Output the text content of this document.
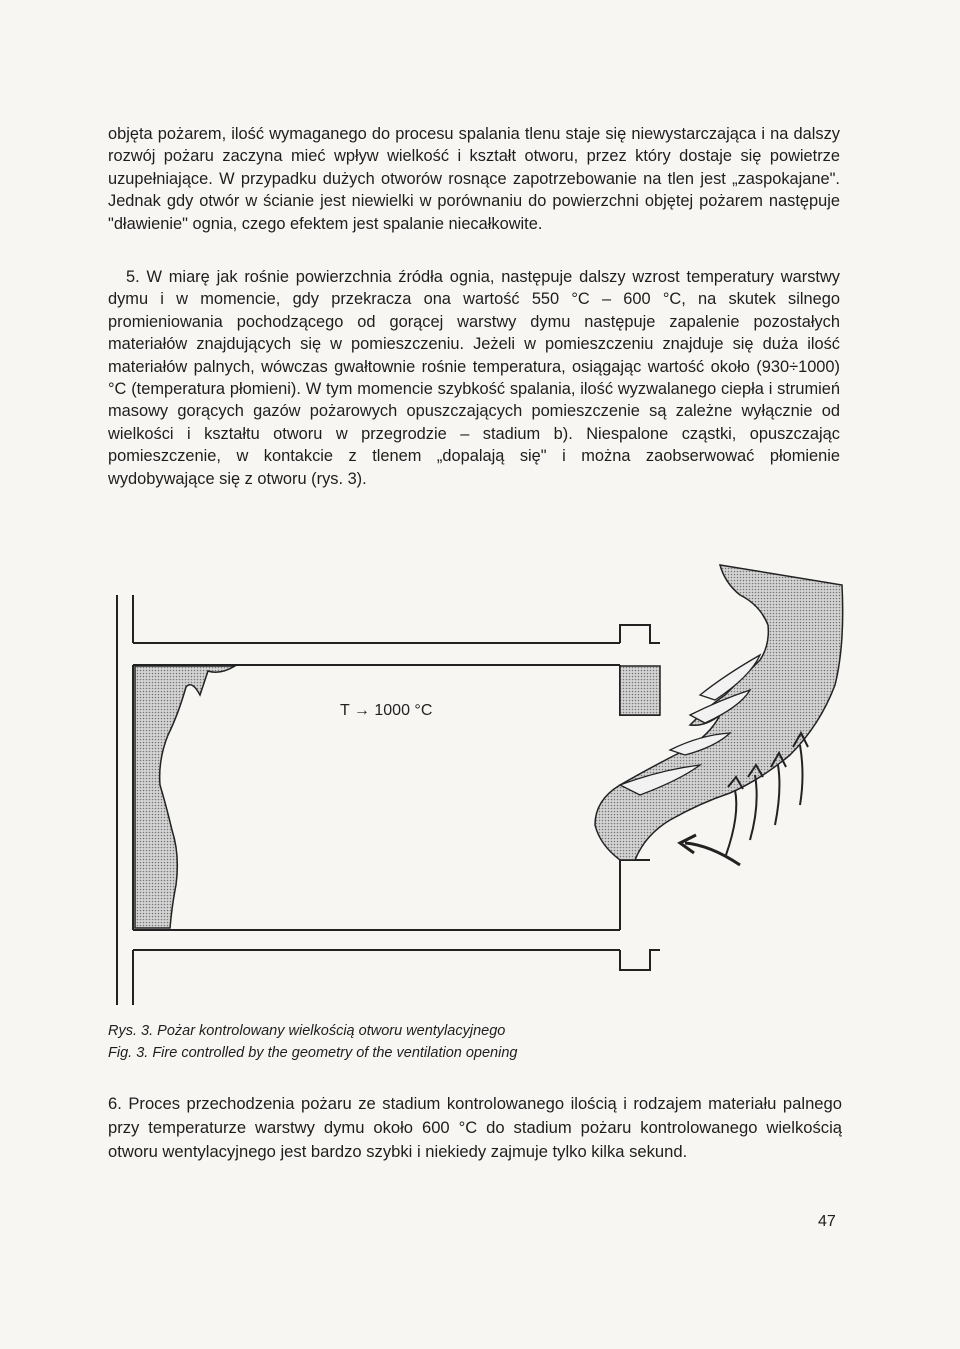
objęta pożarem, ilość wymaganego do procesu spalania tlenu staje się niewystarczająca i na dalszy rozwój pożaru zaczyna mieć wpływ wielkość i kształt otworu, przez który dostaje się powietrze uzupełniające. W przypadku dużych otworów rosnące zapotrzebowanie na tlen jest „zaspokajane". Jednak gdy otwór w ścianie jest niewielki w porównaniu do powierzchni objętej pożarem następuje "dławienie" ognia, czego efektem jest spalanie niecałkowite.

5. W miarę jak rośnie powierzchnia źródła ognia, następuje dalszy wzrost temperatury warstwy dymu i w momencie, gdy przekracza ona wartość 550 °C – 600 °C, na skutek silnego promieniowania pochodzącego od gorącej warstwy dymu następuje zapalenie pozostałych materiałów znajdujących się w pomieszczeniu. Jeżeli w pomieszczeniu znajduje się duża ilość materiałów palnych, wówczas gwałtownie rośnie temperatura, osiągając wartość około (930÷1000)°C (temperatura płomieni). W tym momencie szybkość spalania, ilość wyzwalanego ciepła i strumień masowy gorących gazów pożarowych opuszczających pomieszczenie są zależne wyłącznie od wielkości i kształtu otworu w przegrodzie – stadium b). Niespalone cząstki, opuszczając pomieszczenie, w kontakcie z tlenem „dopalają się" i można zaobserwować płomienie wydobywające się z otworu (rys. 3).

T → 1000 °C
Rys. 3. Pożar kontrolowany wielkością otworu wentylacyjnego
Fig. 3. Fire controlled by the geometry of the ventilation opening

6. Proces przechodzenia pożaru ze stadium kontrolowanego ilością i rodzajem materiału palnego przy temperaturze warstwy dymu około 600 °C do stadium pożaru kontrolowanego wielkością otworu wentylacyjnego jest bardzo szybki i niekiedy zajmuje tylko kilka sekund.

47
